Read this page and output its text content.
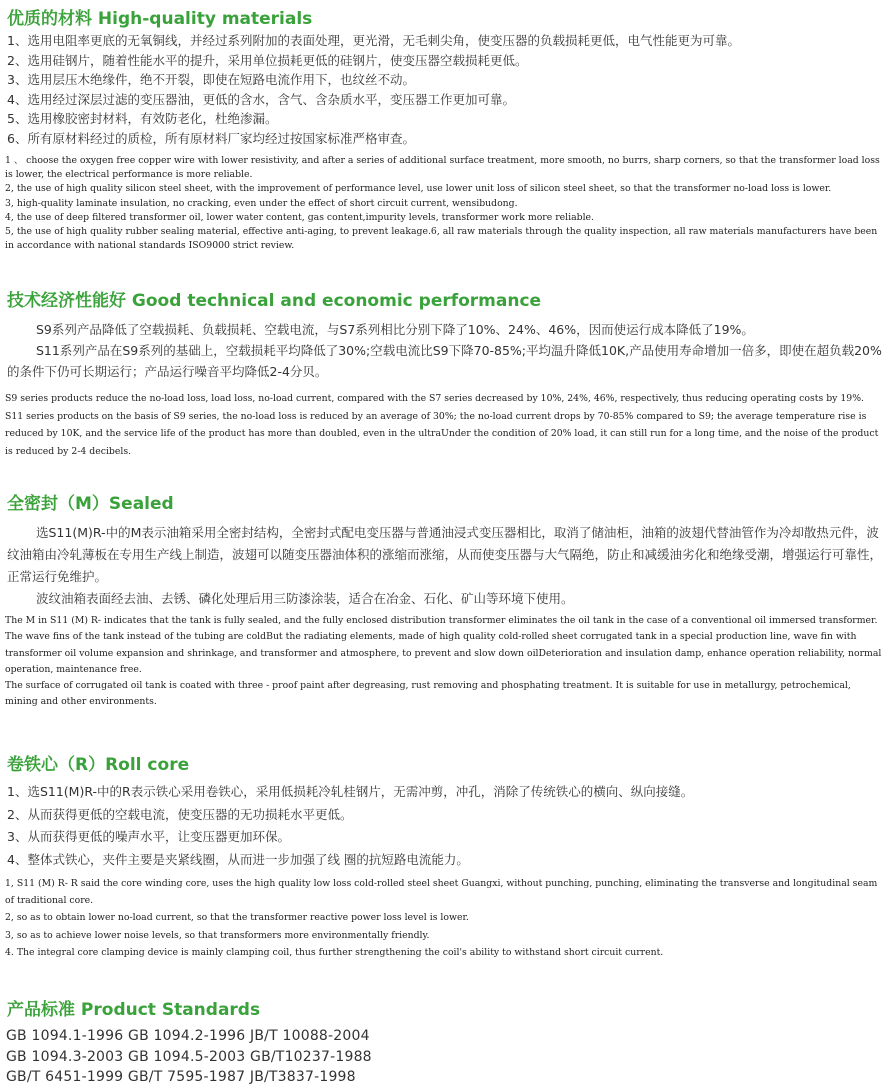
优质的材料 High-quality materials
1、选用电阻率更底的无氧铜线，并经过系列附加的表面处理，更光滑，无毛刺尖角，使变压器的负载损耗更低，电气性能更为可靠。
2、选用硅钢片，随着性能水平的提升，采用单位损耗更低的硅钢片，使变压器空载损耗更低。
3、选用层压木绝缘件，绝不开裂，即使在短路电流作用下，也纹丝不动。
4、选用经过深层过滤的变压器油，更低的含水，含气、含杂质水平，变压器工作更加可靠。
5、选用橡胶密封材料，有效防老化，杜绝渗漏。
6、所有原材料经过的质检，所有原材料厂家均经过按国家标准严格审查。

1 、 choose the oxygen free copper wire with lower resistivity, and after a series of additional surface treatment, more smooth, no burrs, sharp corners, so that the transformer load loss is lower, the electrical performance is more reliable.

2, the use of high quality silicon steel sheet, with the improvement of performance level, use lower unit loss of silicon steel sheet, so that the transformer no-load loss is lower.

3, high-quality laminate insulation, no cracking, even under the effect of short circuit current, wensibudong.

4, the use of deep filtered transformer oil, lower water content, gas content,impurity levels, transformer work more reliable.

5, the use of high quality rubber sealing material, effective anti-aging, to prevent leakage.6, all raw materials through the quality inspection, all raw materials manufacturers have been in accordance with national standards ISO9000 strict review.

技术经济性能好 Good technical and economic performance

S9系列产品降低了空载损耗、负载损耗、空载电流，与S7系列相比分别下降了10%、24%、46%，因而使运行成本降低了19%。

S11系列产品在S9系列的基础上，空载损耗平均降低了30%;空载电流比S9下降70-85%;平均温升降低10K,产品使用寿命增加一倍多，即使在超负载20%的条件下仍可长期运行；产品运行噪音平均降低2-4分贝。

S9 series products reduce the no-load loss, load loss, no-load current, compared with the S7 series decreased by 10%, 24%, 46%, respectively, thus reducing operating costs by 19%.

S11 series products on the basis of S9 series, the no-load loss is reduced by an average of 30%; the no-load current drops by 70-85% compared to S9; the average temperature rise is reduced by 10K, and the service life of the product has more than doubled, even in the ultraUnder the condition of 20% load, it can still run for a long time, and the noise of the product is reduced by 2-4 decibels.

全密封（M）Sealed

选S11(M)R-中的M表示油箱采用全密封结构，全密封式配电变压器与普通油浸式变压器相比，取消了储油柜，油箱的波翅代替油管作为冷却散热元件，波纹油箱由冷轧薄板在专用生产线上制造，波翅可以随变压器油体积的涨缩而涨缩，从而使变压器与大气隔绝，防止和减缓油劣化和绝缘受潮，增强运行可靠性，正常运行免维护。

波纹油箱表面经去油、去锈、磷化处理后用三防漆涂装，适合在冶金、石化、矿山等环境下使用。

The M in S11 (M) R- indicates that the tank is fully sealed, and the fully enclosed distribution transformer eliminates the oil tank in the case of a conventional oil immersed transformer. The wave fins of the tank instead of the tubing are coldBut the radiating elements, made of high quality cold-rolled sheet corrugated tank in a special production line, wave fin with transformer oil volume expansion and shrinkage, and transformer and atmosphere, to prevent and slow down oilDeterioration and insulation damp, enhance operation reliability, normal operation, maintenance free.

The surface of corrugated oil tank is coated with three - proof paint after degreasing, rust removing and phosphating treatment. It is suitable for use in metallurgy, petrochemical, mining and other environments.

卷铁心（R）Roll core
1、选S11(M)R-中的R表示铁心采用卷铁心，采用低损耗冷轧桂钢片，无需冲剪，冲孔，消除了传统铁心的横向、纵向接缝。
2、从而获得更低的空载电流，使变压器的无功损耗水平更低。
3、从而获得更低的噪声水平，让变压器更加环保。
4、整体式铁心，夹件主要是夹紧线圈，从而进一步加强了线 圈的抗短路电流能力。

1, S11 (M) R- R said the core winding core, uses the high quality low loss cold-rolled steel sheet Guangxi, without punching, punching, eliminating the transverse and longitudinal seam of traditional core.

2, so as to obtain lower no-load current, so that the transformer reactive power loss level is lower.

3, so as to achieve lower noise levels, so that transformers more environmentally friendly.

4. The integral core clamping device is mainly clamping coil, thus further strengthening the coil's ability to withstand short circuit current.

产品标准 Product Standards
GB 1094.1-1996 GB 1094.2-1996 JB/T 10088-2004
GB 1094.3-2003 GB 1094.5-2003 GB/T10237-1988
GB/T 6451-1999 GB/T 7595-1987 JB/T3837-1998
